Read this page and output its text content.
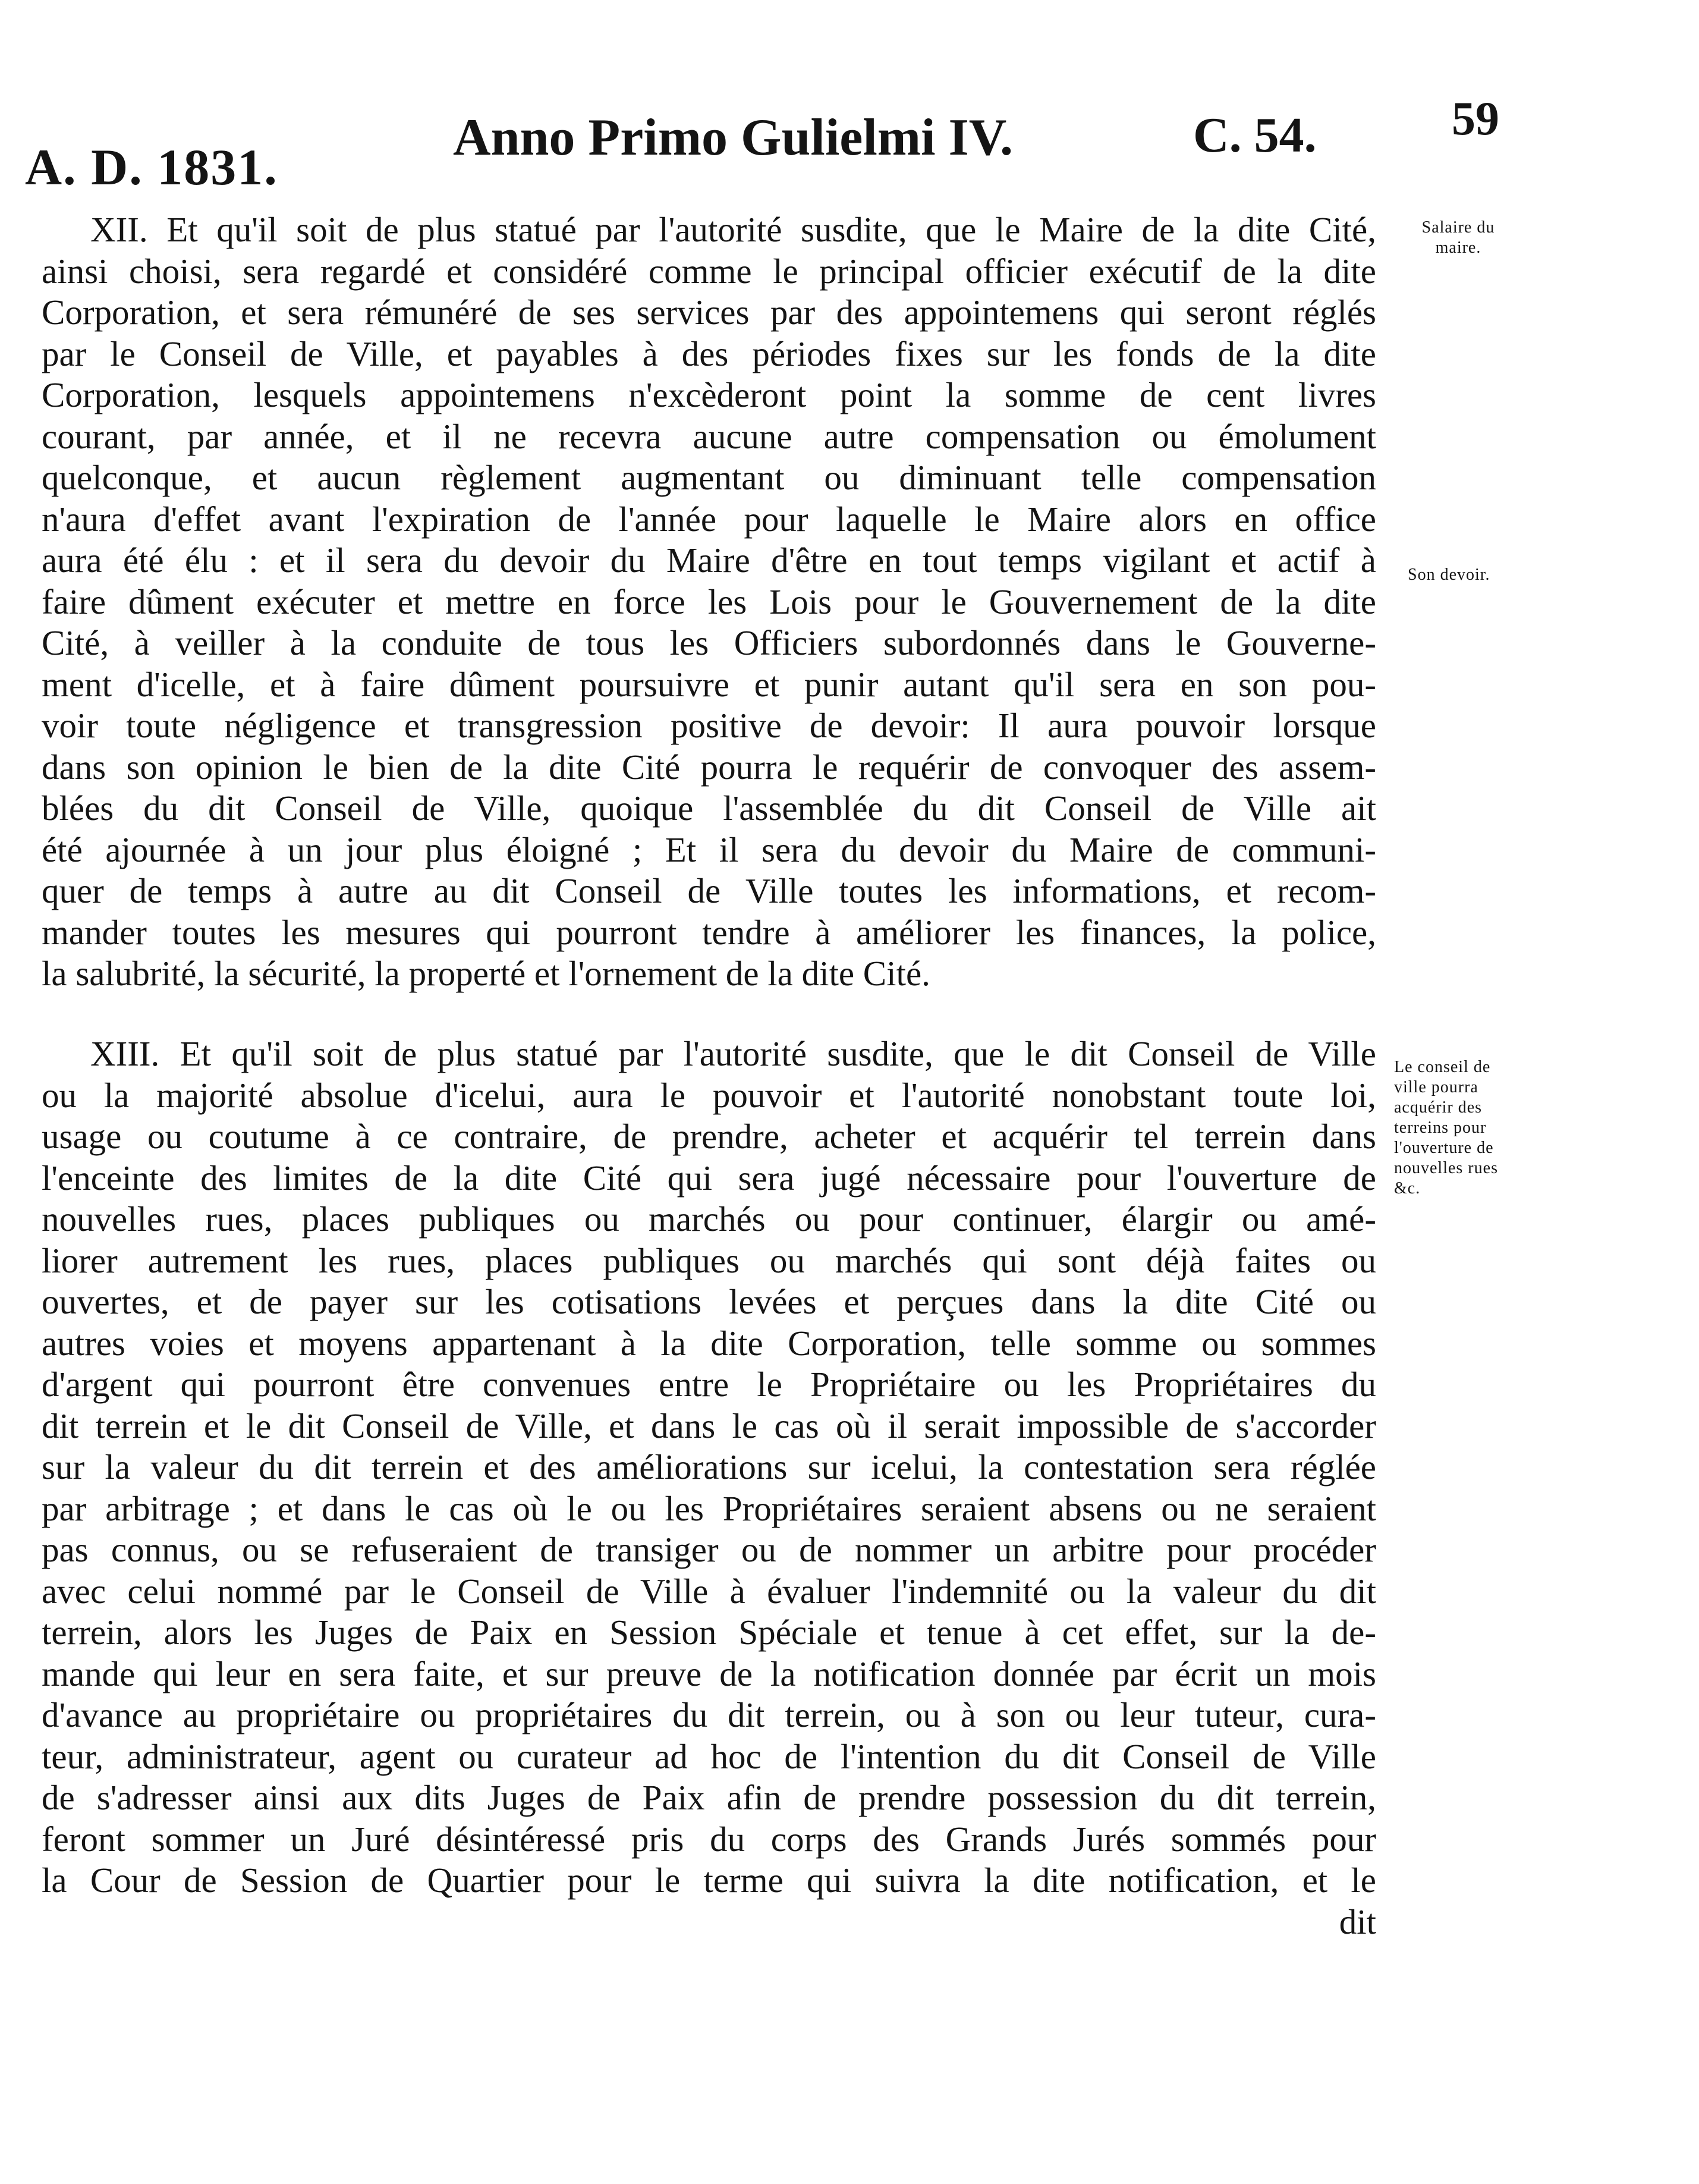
A. D. 1831.
Anno Primo Gulielmi IV.	C. 54.	59
Salaire du
maire.
Son devoir.
Le conseil de
ville pourra
acquérir des
terreins pour
l'ouverture de
nouvelles rues
&c.
XII. Et qu'il soit de plus statué par l'autorité susdite, que le Maire de la dite Cité,
ainsi choisi, sera regardé et considéré comme le principal officier exécutif de la dite
Corporation, et sera rémunéré de ses services par des appointemens qui seront réglés
par le Conseil de Ville, et payables à des périodes fixes sur les fonds de la dite
Corporation, lesquels appointemens n'excèderont point la somme de cent livres
courant, par année, et il ne recevra aucune autre compensation ou émolument
quelconque, et aucun règlement augmentant ou diminuant telle compensation
n'aura d'effet avant l'expiration de l'année pour laquelle le Maire alors en office
aura été élu : et il sera du devoir du Maire d'être en tout temps vigilant et actif à
faire dûment exécuter et mettre en force les Lois pour le Gouvernement de la dite
Cité, à veiller à la conduite de tous les Officiers subordonnés dans le Gouverne-
ment d'icelle, et à faire dûment poursuivre et punir autant qu'il sera en son pou-
voir toute négligence et transgression positive de devoir: Il aura pouvoir lorsque
dans son opinion le bien de la dite Cité pourra le requérir de convoquer des assem-
blées du dit Conseil de Ville, quoique l'assemblée du dit Conseil de Ville ait
été ajournée à un jour plus éloigné ; Et il sera du devoir du Maire de communi-
quer de temps à autre au dit Conseil de Ville toutes les informations, et recom-
mander toutes les mesures qui pourront tendre à améliorer les finances, la police,
la salubrité, la sécurité, la properté et l'ornement de la dite Cité.
XIII. Et qu'il soit de plus statué par l'autorité susdite, que le dit Conseil de Ville
ou la majorité absolue d'icelui, aura le pouvoir et l'autorité nonobstant toute loi,
usage ou coutume à ce contraire, de prendre, acheter et acquérir tel terrein dans
l'enceinte des limites de la dite Cité qui sera jugé nécessaire pour l'ouverture de
nouvelles rues, places publiques ou marchés ou pour continuer, élargir ou amé-
liorer autrement les rues, places publiques ou marchés qui sont déjà faites ou
ouvertes, et de payer sur les cotisations levées et perçues dans la dite Cité ou
autres voies et moyens appartenant à la dite Corporation, telle somme ou sommes
d'argent qui pourront être convenues entre le Propriétaire ou les Propriétaires du
dit terrein et le dit Conseil de Ville, et dans le cas où il serait impossible de s'accorder
sur la valeur du dit terrein et des améliorations sur icelui, la contestation sera réglée
par arbitrage ; et dans le cas où le ou les Propriétaires seraient absens ou ne seraient
pas connus, ou se refuseraient de transiger ou de nommer un arbitre pour procéder
avec celui nommé par le Conseil de Ville à évaluer l'indemnité ou la valeur du dit
terrein, alors les Juges de Paix en Session Spéciale et tenue à cet effet, sur la de-
mande qui leur en sera faite, et sur preuve de la notification donnée par écrit un mois
d'avance au propriétaire ou propriétaires du dit terrein, ou à son ou leur tuteur, cura-
teur, administrateur, agent ou curateur ad hoc de l'intention du dit Conseil de Ville
de s'adresser ainsi aux dits Juges de Paix afin de prendre possession du dit terrein,
feront sommer un Juré désintéressé pris du corps des Grands Jurés sommés pour
la Cour de Session de Quartier pour le terme qui suivra la dite notification, et le
dit
